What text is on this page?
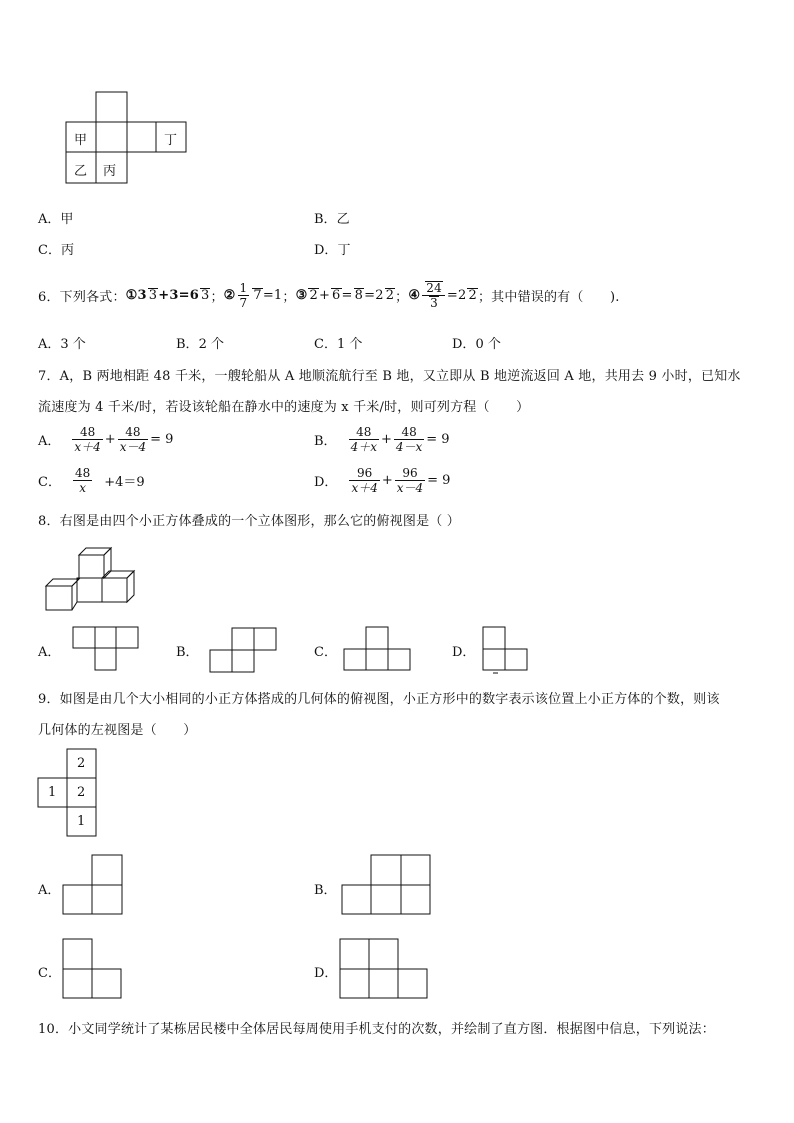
甲	丁
乙 丙
A．甲	B．乙
C．丙	D．丁
6．下列各式： ① 3 3 +3=6 3 ； ② $\frac{1}{7} 7 =1$ ； ③ 2 + 6 = 8 =2 2 ； ④ $\frac{24}{3} =2$ 2 ；其中错误的有（　　).
A．3 个	B．2 个	C．1 个	D．0 个
7．A，B 两地相距 48 千米，一艘轮船从 A 地顺流航行至 B 地，又立即从 B 地逆流返回 A 地，共用去 9 小时，已知水
流速度为 4 千米/时，若设该轮船在静水中的速度为 x 千米/时，则可列方程（　　）
A． $\frac{48}{x+4} + \frac{48}{x-4} = 9$	B． $\frac{48}{4+x} + \frac{48}{4-x} = 9$
C． $\frac{48}{x} +4=9$	D． $\frac{96}{x+4} + \frac{96}{x-4} = 9$
8．右图是由四个小正方体叠成的一个立体图形，那么它的俯视图是（ ）
A．	B．	C．	D．
9．如图是由几个大小相同的小正方体搭成的几何体的俯视图，小正方形中的数字表示该位置上小正方体的个数，则该
几何体的左视图是（　　）
2
1 2
1
A．	B．
C．	D．
10．小文同学统计了某栋居民楼中全体居民每周使用手机支付的次数，并绘制了直方图．根据图中信息，下列说法：
